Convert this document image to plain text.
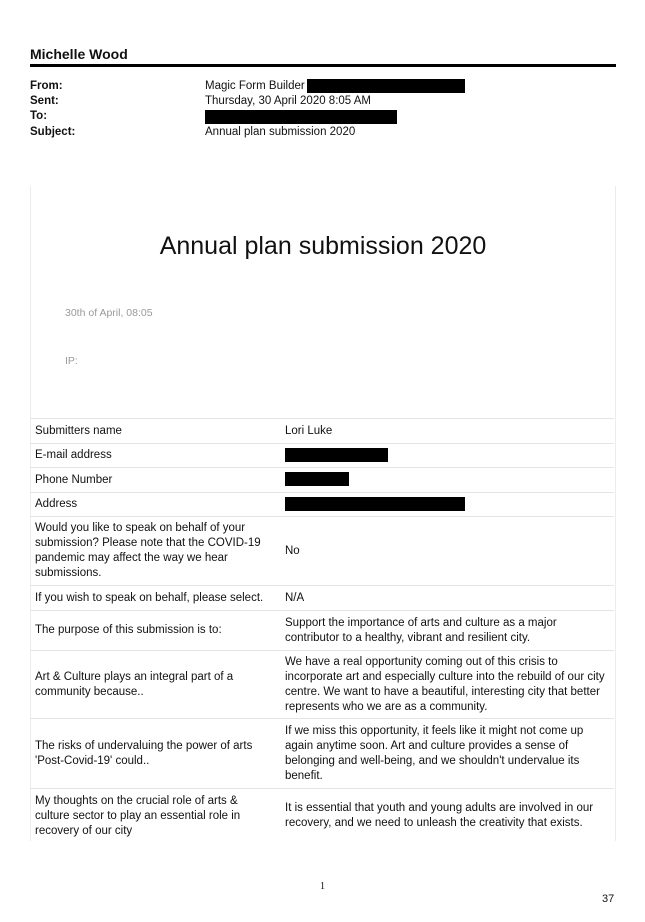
Michelle Wood
From:	Magic Form Builder
Sent:	Thursday, 30 April 2020 8:05 AM
To:
Subject:	Annual plan submission 2020
Annual plan submission 2020
30th of April, 08:05
IP:
Submitters name	Lori Luke
E-mail address	
Phone Number	
Address	
Would you like to speak on behalf of your submission? Please note that the COVID-19 pandemic may affect the way we hear submissions.	No
If you wish to speak on behalf, please select.	N/A
The purpose of this submission is to:	Support the importance of arts and culture as a major contributor to a healthy, vibrant and resilient city.
Art & Culture plays an integral part of a community because..	We have a real opportunity coming out of this crisis to incorporate art and especially culture into the rebuild of our city centre. We want to have a beautiful, interesting city that better represents who we are as a community.
The risks of undervaluing the power of arts 'Post-Covid-19' could..	If we miss this opportunity, it feels like it might not come up again anytime soon. Art and culture provides a sense of belonging and well-being, and we shouldn't undervalue its benefit.
My thoughts on the crucial role of arts & culture sector to play an essential role in recovery of our city	It is essential that youth and young adults are involved in our recovery, and we need to unleash the creativity that exists.
1
37
